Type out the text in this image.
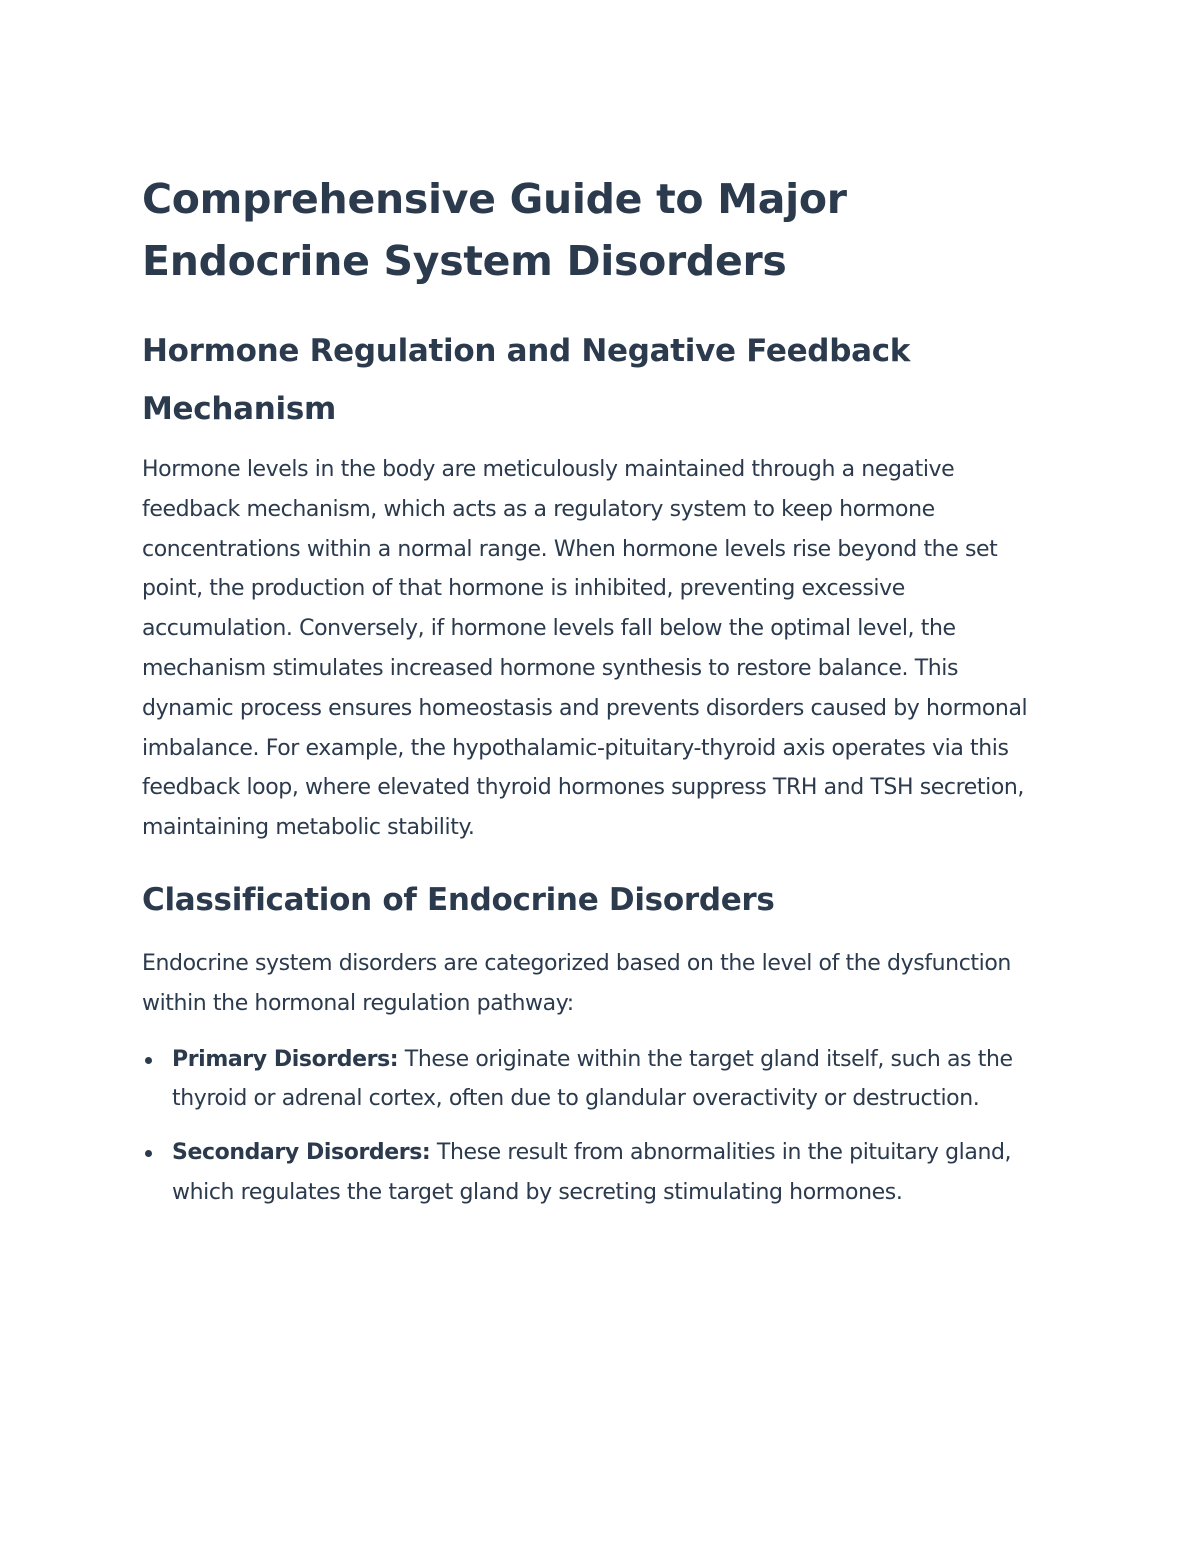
Comprehensive Guide to Major
Endocrine System Disorders
Hormone Regulation and Negative Feedback Mechanism

Hormone levels in the body are meticulously maintained through a negative feedback mechanism, which acts as a regulatory system to keep hormone concentrations within a normal range. When hormone levels rise beyond the set point, the production of that hormone is inhibited, preventing excessive accumulation. Conversely, if hormone levels fall below the optimal level, the mechanism stimulates increased hormone synthesis to restore balance. This dynamic process ensures homeostasis and prevents disorders caused by hormonal imbalance. For example, the hypothalamic-pituitary-thyroid axis operates via this feedback loop, where elevated thyroid hormones suppress TRH and TSH secretion, maintaining metabolic stability.

Classification of Endocrine Disorders

Endocrine system disorders are categorized based on the level of the dysfunction within the hormonal regulation pathway:

Primary Disorders: These originate within the target gland itself, such as the thyroid or adrenal cortex, often due to glandular overactivity or destruction.
Secondary Disorders: These result from abnormalities in the pituitary gland, which regulates the target gland by secreting stimulating hormones.
